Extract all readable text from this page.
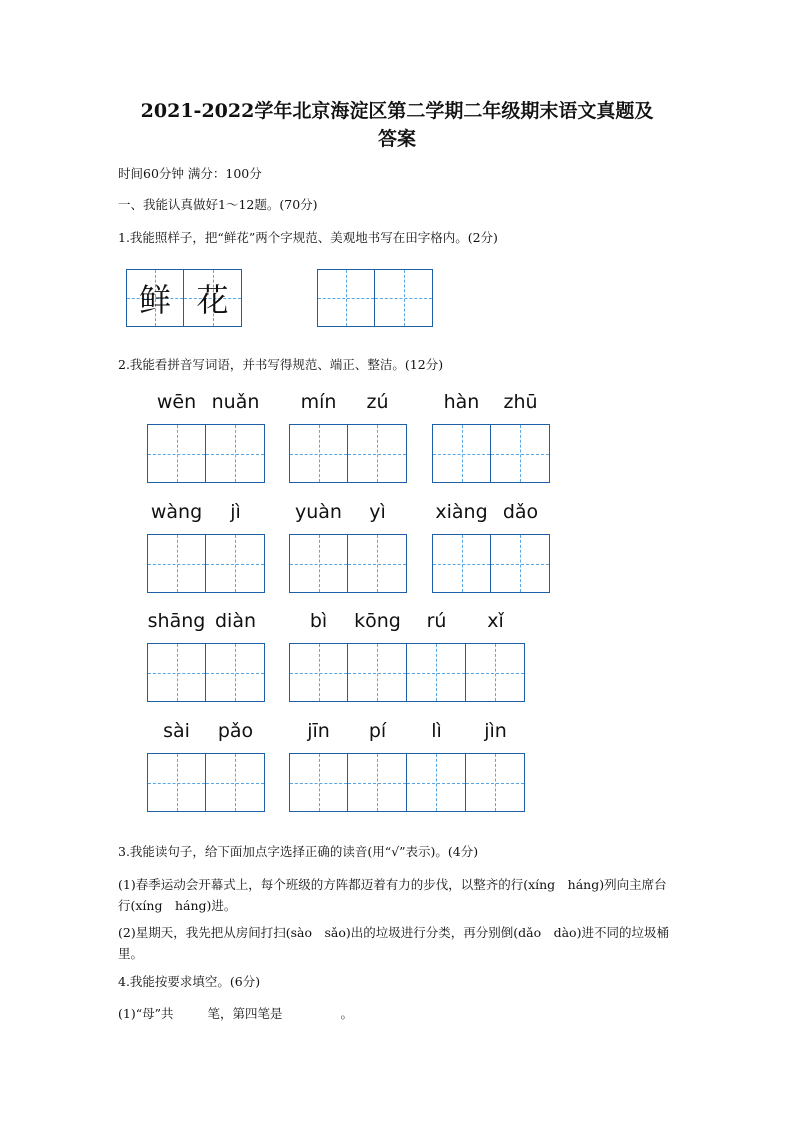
2021-2022学年北京海淀区第二学期二年级期末语文真题及
答案
时间60分钟 满分：100分
一、我能认真做好1～12题。(70分)
1.我能照样子，把“鲜花”两个字规范、美观地书写在田字格内。(2分)
鲜 花
2.我能看拼音写词语，并书写得规范、端正、整洁。(12分)
wēn nuǎn	mín	zú	hàn	zhū
wàng	jì	yuàn	yì	xiàng dǎo
shāng diàn	bì	kōng	rú	xǐ
sài	pǎo	jīn	pí	lì	jìn
3.我能读句子，给下面加点字选择正确的读音(用“√”表示)。(4分)
(1)春季运动会开幕式上，每个班级的方阵都迈着有力的步伐，以整齐的行(xíng　háng)列向主席台行(xíng　háng)进。
(2)星期天，我先把从房间打扫(sào　sǎo)出的垃圾进行分类，再分别倒(dǎo　dào)进不同的垃圾桶里。
4.我能按要求填空。(6分)
(1)“母”共	笔，第四笔是	。
